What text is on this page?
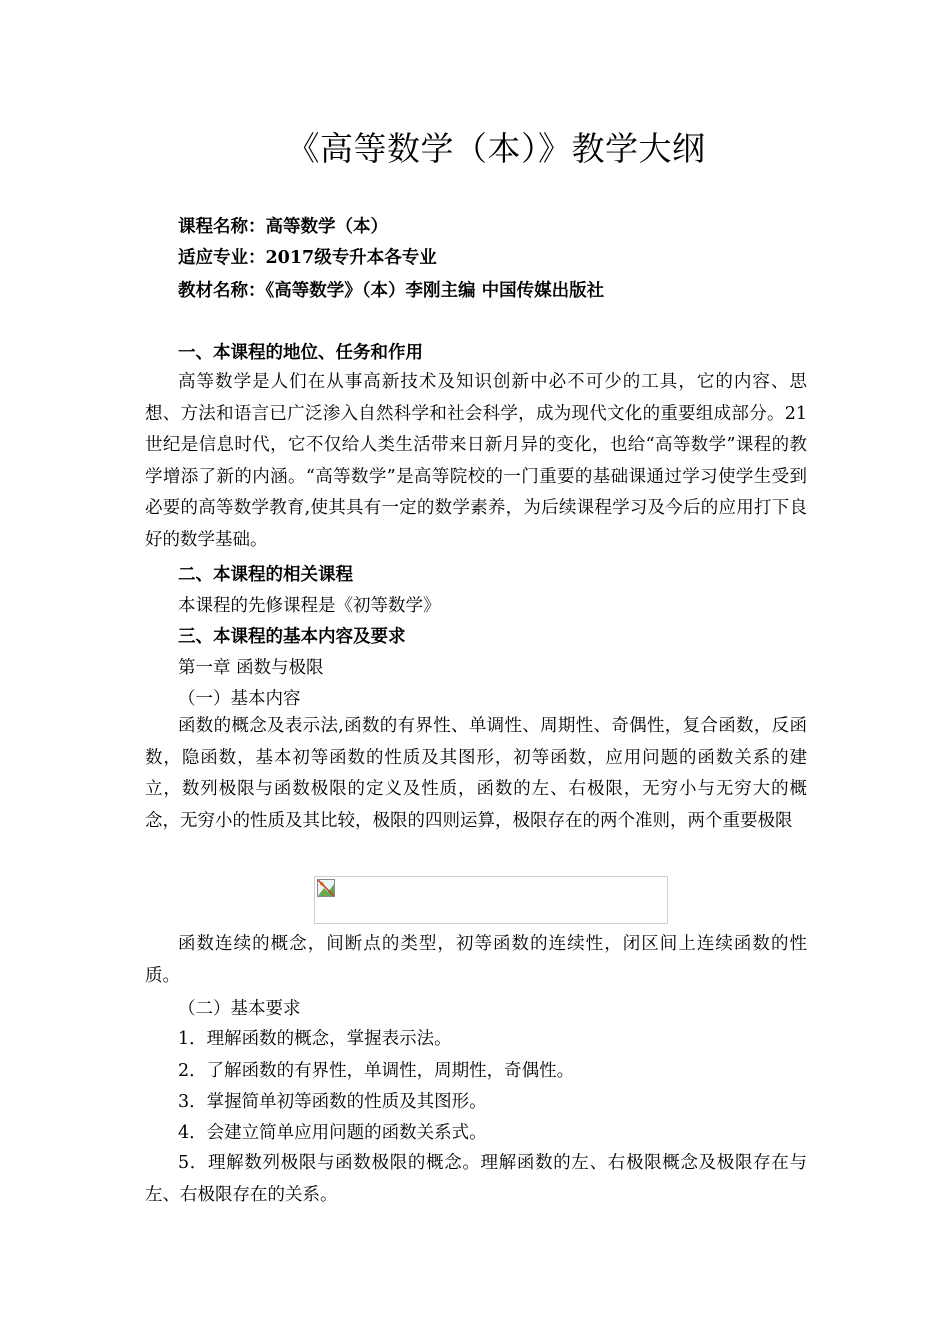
《高等数学（本）》教学大纲
课程名称：高等数学（本）
适应专业：2017级专升本各专业
教材名称：《高等数学》（本）李刚主编 中国传媒出版社
一、本课程的地位、任务和作用
高等数学是人们在从事高新技术及知识创新中必不可少的工具，它的内容、思想、方法和语言已广泛渗入自然科学和社会科学，成为现代文化的重要组成部分。21世纪是信息时代，它不仅给人类生活带来日新月异的变化，也给“高等数学”课程的教学增添了新的内涵。“高等数学”是高等院校的一门重要的基础课通过学习使学生受到必要的高等数学教育,使其具有一定的数学素养，为后续课程学习及今后的应用打下良好的数学基础。
二、本课程的相关课程
本课程的先修课程是《初等数学》
三、本课程的基本内容及要求
第一章 函数与极限
（一）基本内容
函数的概念及表示法,函数的有界性、单调性、周期性、奇偶性，复合函数，反函数，隐函数，基本初等函数的性质及其图形，初等函数，应用问题的函数关系的建立，数列极限与函数极限的定义及性质，函数的左、右极限，无穷小与无穷大的概念，无穷小的性质及其比较，极限的四则运算，极限存在的两个准则，两个重要极限
函数连续的概念，间断点的类型，初等函数的连续性，闭区间上连续函数的性质。
（二）基本要求
1．理解函数的概念，掌握表示法。
2．了解函数的有界性，单调性，周期性，奇偶性。
3．掌握简单初等函数的性质及其图形。
4．会建立简单应用问题的函数关系式。
5．理解数列极限与函数极限的概念。理解函数的左、右极限概念及极限存在与左、右极限存在的关系。
